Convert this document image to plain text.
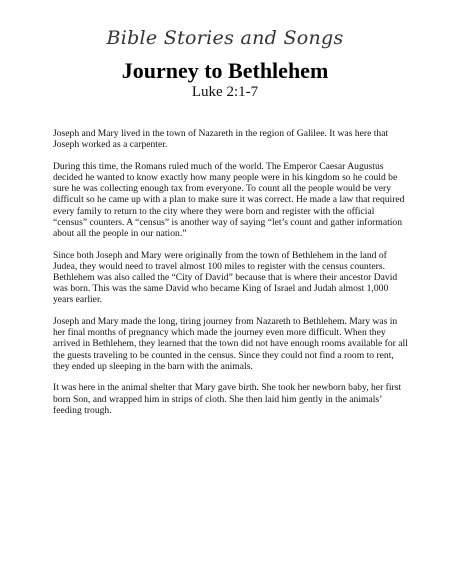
Bible Stories and Songs
Journey to Bethlehem
Luke 2:1-7

Joseph and Mary lived in the town of Nazareth in the region of Galilee. It was here that Joseph worked as a carpenter.

During this time, the Romans ruled much of the world. The Emperor Caesar Augustus decided he wanted to know exactly how many people were in his kingdom so he could be sure he was collecting enough tax from everyone. To count all the people would be very difficult so he came up with a plan to make sure it was correct. He made a law that required every family to return to the city where they were born and register with the official “census” counters. A “census” is another way of saying “let’s count and gather information about all the people in our nation.”

Since both Joseph and Mary were originally from the town of Bethlehem in the land of Judea, they would need to travel almost 100 miles to register with the census counters. Bethlehem was also called the “City of David” because that is where their ancestor David was born. This was the same David who became King of Israel and Judah almost 1,000 years earlier.

Joseph and Mary made the long, tiring journey from Nazareth to Bethlehem. Mary was in her final months of pregnancy which made the journey even more difficult. When they arrived in Bethlehem, they learned that the town did not have enough rooms available for all the guests traveling to be counted in the census. Since they could not find a room to rent, they ended up sleeping in the barn with the animals.

It was here in the animal shelter that Mary gave birth. She took her newborn baby, her first born Son, and wrapped him in strips of cloth. She then laid him gently in the animals’ feeding trough.
